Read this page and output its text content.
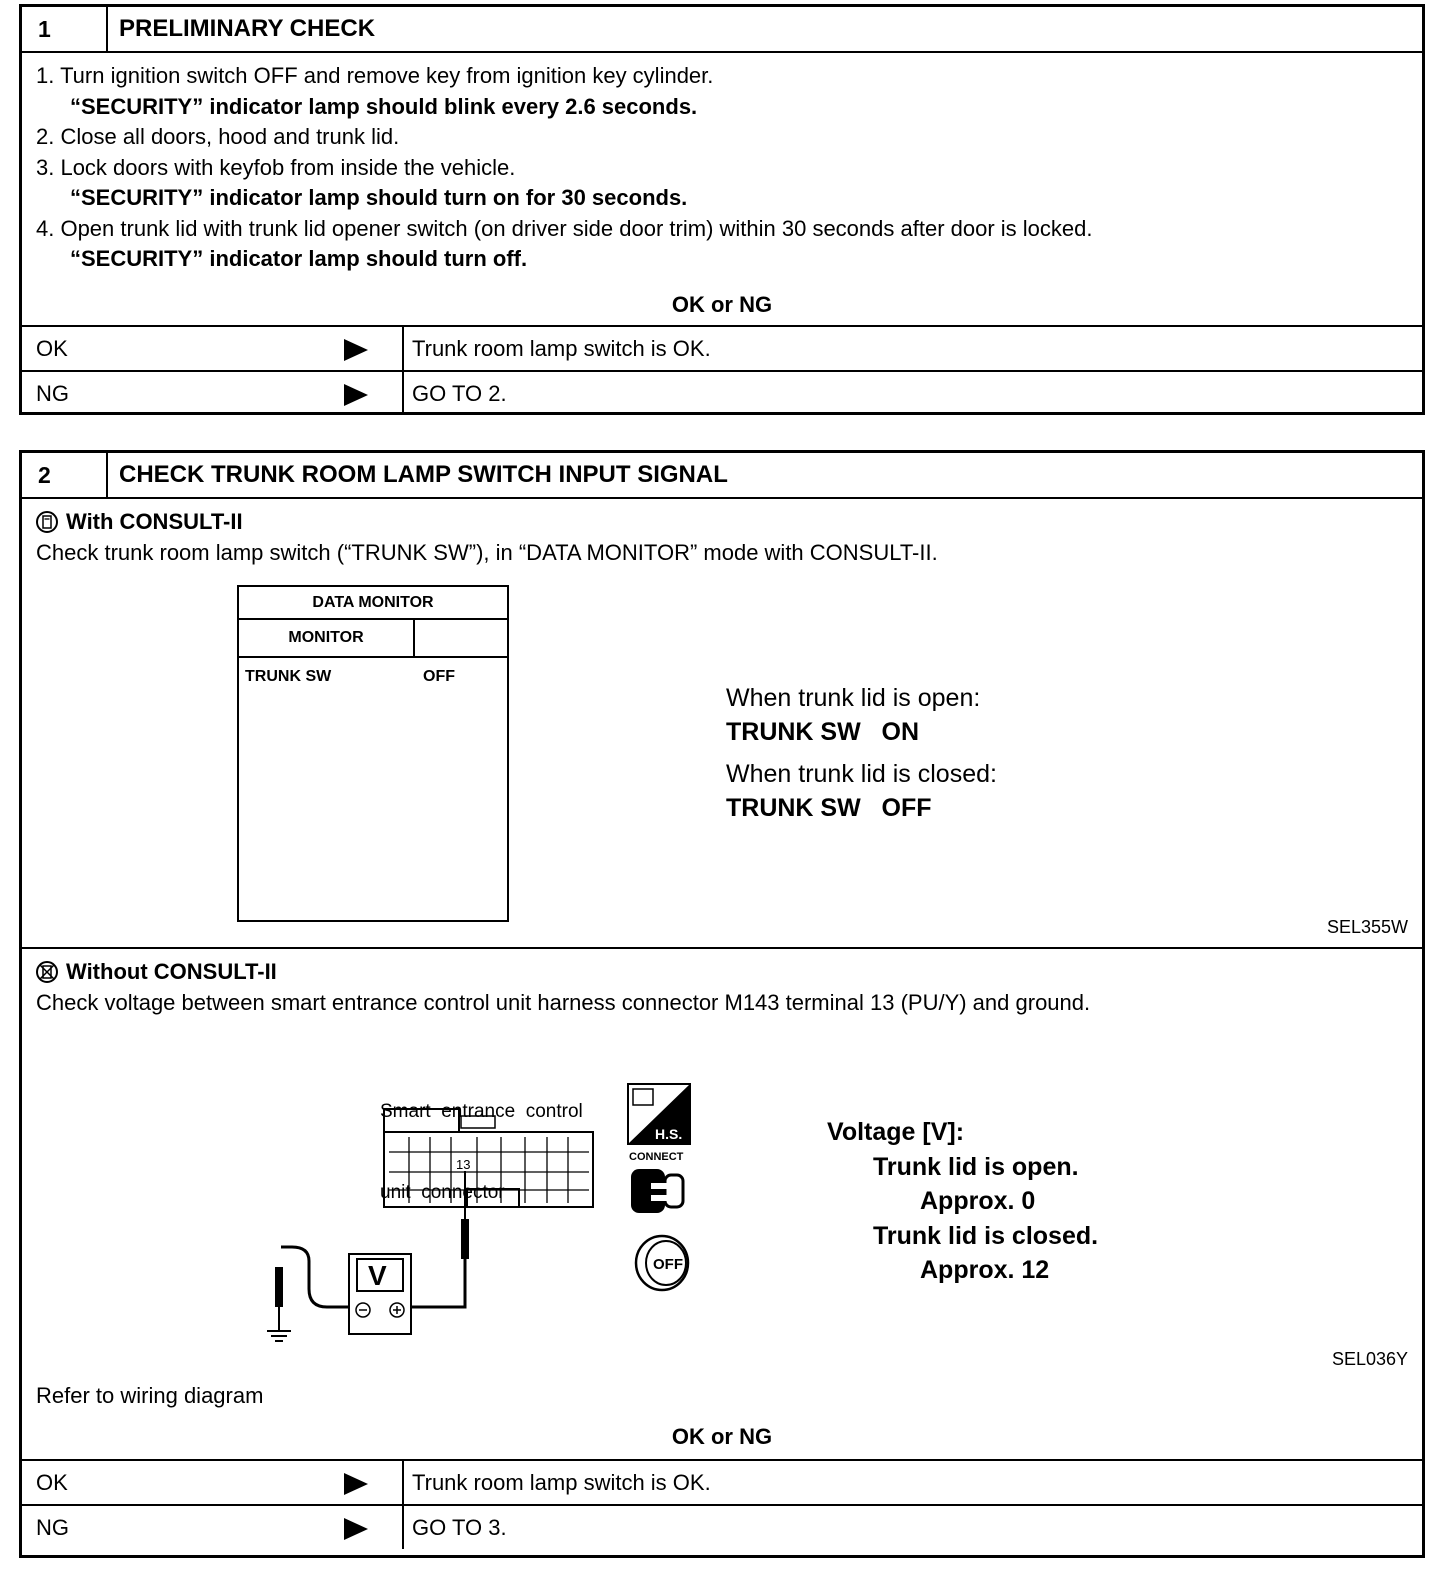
1	PRELIMINARY CHECK
1. Turn ignition switch OFF and remove key from ignition key cylinder.
“SECURITY” indicator lamp should blink every 2.6 seconds.
2. Close all doors, hood and trunk lid.
3. Lock doors with keyfob from inside the vehicle.
“SECURITY” indicator lamp should turn on for 30 seconds.
4. Open trunk lid with trunk lid opener switch (on driver side door trim) within 30 seconds after door is locked.
“SECURITY” indicator lamp should turn off.
OK or NG
OK	Trunk room lamp switch is OK.
NG	GO TO 2.
2	CHECK TRUNK ROOM LAMP SWITCH INPUT SIGNAL
With CONSULT-II
Check trunk room lamp switch (“TRUNK SW”), in “DATA MONITOR” mode with CONSULT-II.
DATA MONITOR
MONITOR
TRUNK SW	OFF
When trunk lid is open:
TRUNK SW   ON
When trunk lid is closed:
TRUNK SW   OFF
SEL355W
Without CONSULT-II
Check voltage between smart entrance control unit harness connector M143 terminal 13 (PU/Y) and ground.

Smart  entrance  control

unit  connector

13
V
H.S.
CONNECT
OFF
Voltage [V]:
Trunk lid is open.
Approx. 0
Trunk lid is closed.
Approx. 12
SEL036Y
Refer to wiring diagram
OK or NG
OK	Trunk room lamp switch is OK.
NG	GO TO 3.
